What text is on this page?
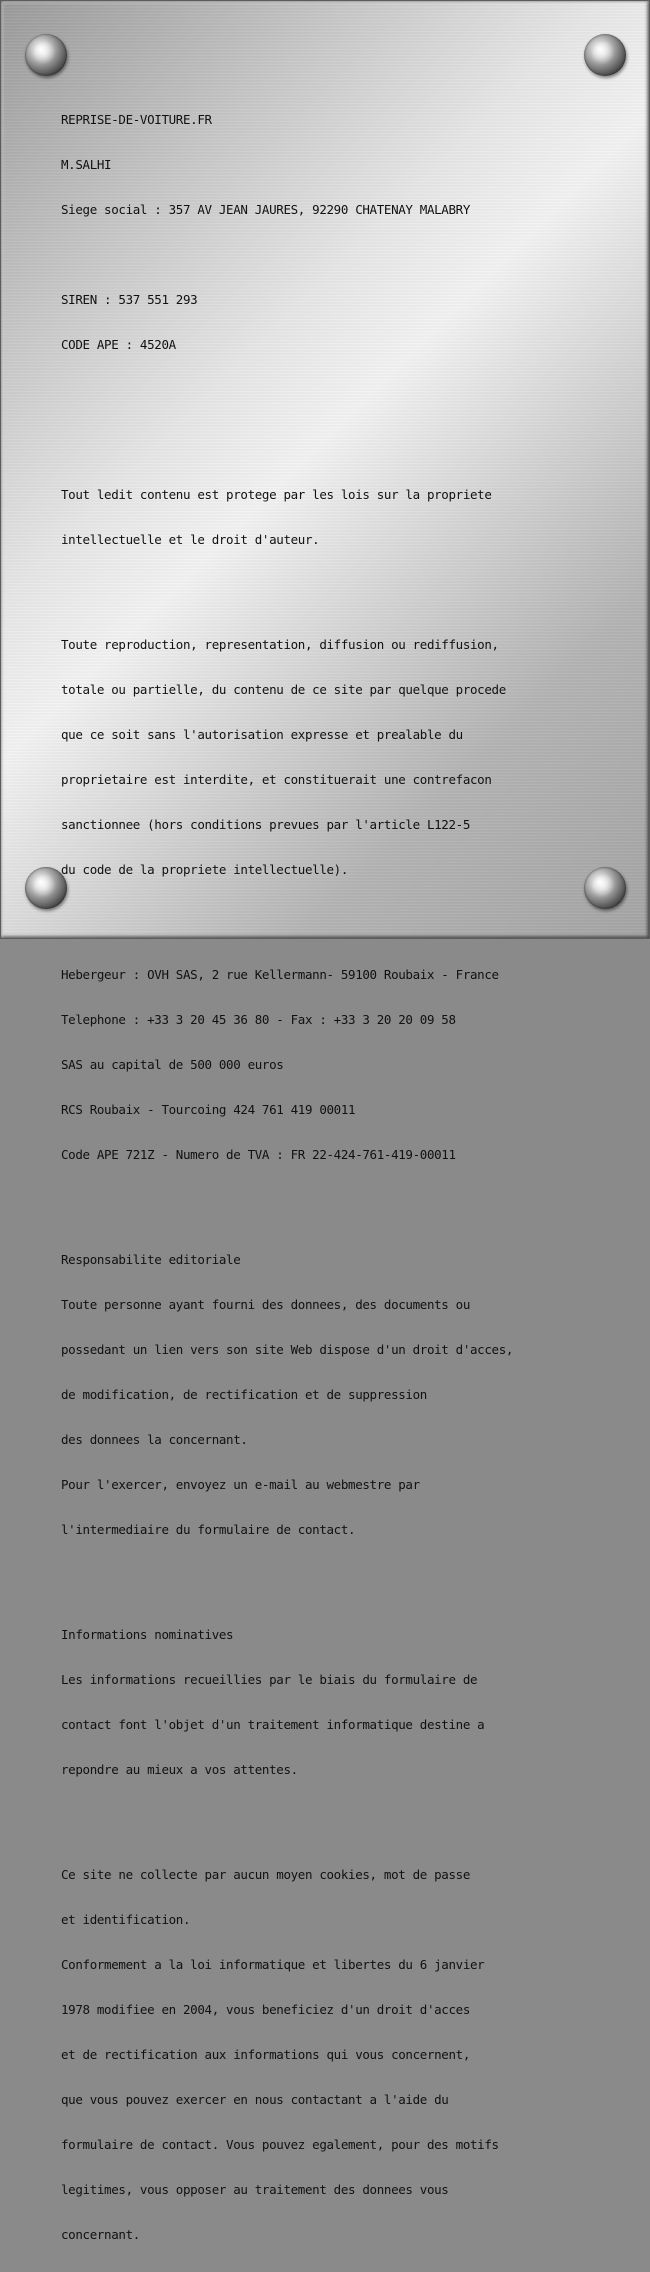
REPRISE-DE-VOITURE.FR

M.SALHI

Siege social : 357 AV JEAN JAURES, 92290 CHATENAY MALABRY

SIREN : 537 551 293

CODE APE : 4520A

Tout ledit contenu est protege par les lois sur la propriete

intellectuelle et le droit d'auteur.

Toute reproduction, representation, diffusion ou rediffusion,

totale ou partielle, du contenu de ce site par quelque procede

que ce soit sans l'autorisation expresse et prealable du

proprietaire est interdite, et constituerait une contrefacon

sanctionnee (hors conditions prevues par l'article L122-5

du code de la propriete intellectuelle).

Hebergeur : OVH SAS, 2 rue Kellermann- 59100 Roubaix - France

Telephone : +33 3 20 45 36 80 - Fax : +33 3 20 20 09 58

SAS au capital de 500 000 euros

RCS Roubaix - Tourcoing 424 761 419 00011

Code APE 721Z - Numero de TVA : FR 22-424-761-419-00011

Responsabilite editoriale

Toute personne ayant fourni des donnees, des documents ou

possedant un lien vers son site Web dispose d'un droit d'acces,

de modification, de rectification et de suppression

des donnees la concernant.

Pour l'exercer, envoyez un e-mail au webmestre par

l'intermediaire du formulaire de contact.

Informations nominatives

Les informations recueillies par le biais du formulaire de

contact font l'objet d'un traitement informatique destine a

repondre au mieux a vos attentes.

Ce site ne collecte par aucun moyen cookies, mot de passe

et identification.

Conformement a la loi informatique et libertes du 6 janvier

1978 modifiee en 2004, vous beneficiez d'un droit d'acces

et de rectification aux informations qui vous concernent,

que vous pouvez exercer en nous contactant a l'aide du

formulaire de contact. Vous pouvez egalement, pour des motifs

legitimes, vous opposer au traitement des donnees vous

concernant.
